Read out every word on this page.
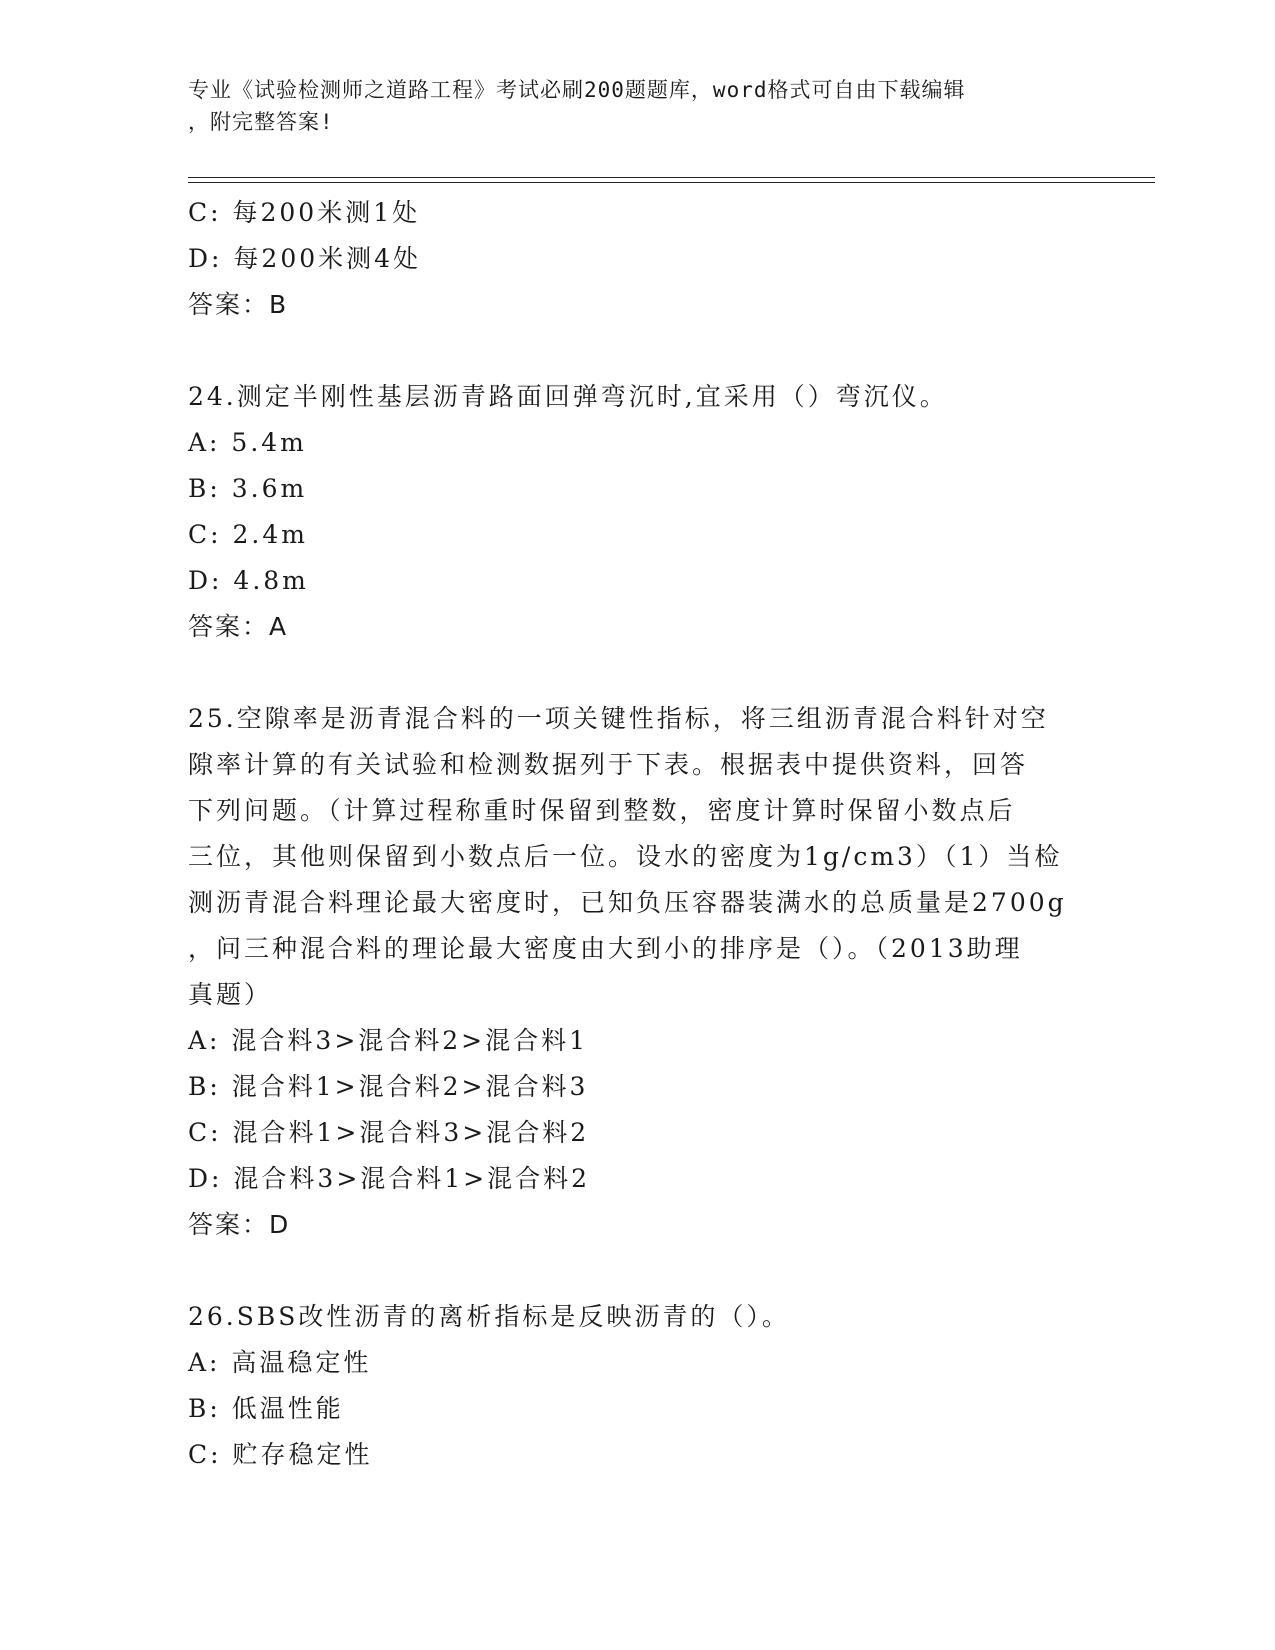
专业《试验检测师之道路工程》考试必刷200题题库，word格式可自由下载编辑
，附完整答案!
C: 每200米测1处
D: 每200米测4处
答案：B
24.测定半刚性基层沥青路面回弹弯沉时,宜采用（）弯沉仪。
A: 5.4m
B: 3.6m
C: 2.4m
D: 4.8m
答案：A
25.空隙率是沥青混合料的一项关键性指标，将三组沥青混合料针对空
隙率计算的有关试验和检测数据列于下表。根据表中提供资料，回答
下列问题。（计算过程称重时保留到整数，密度计算时保留小数点后
三位，其他则保留到小数点后一位。设水的密度为1g/cm3）（1）当检
测沥青混合料理论最大密度时，已知负压容器装满水的总质量是2700g
，问三种混合料的理论最大密度由大到小的排序是（）。（2013助理
真题）
A: 混合料3>混合料2>混合料1
B: 混合料1>混合料2>混合料3
C: 混合料1>混合料3>混合料2
D: 混合料3>混合料1>混合料2
答案：D
26.SBS改性沥青的离析指标是反映沥青的（）。
A: 高温稳定性
B: 低温性能
C: 贮存稳定性
